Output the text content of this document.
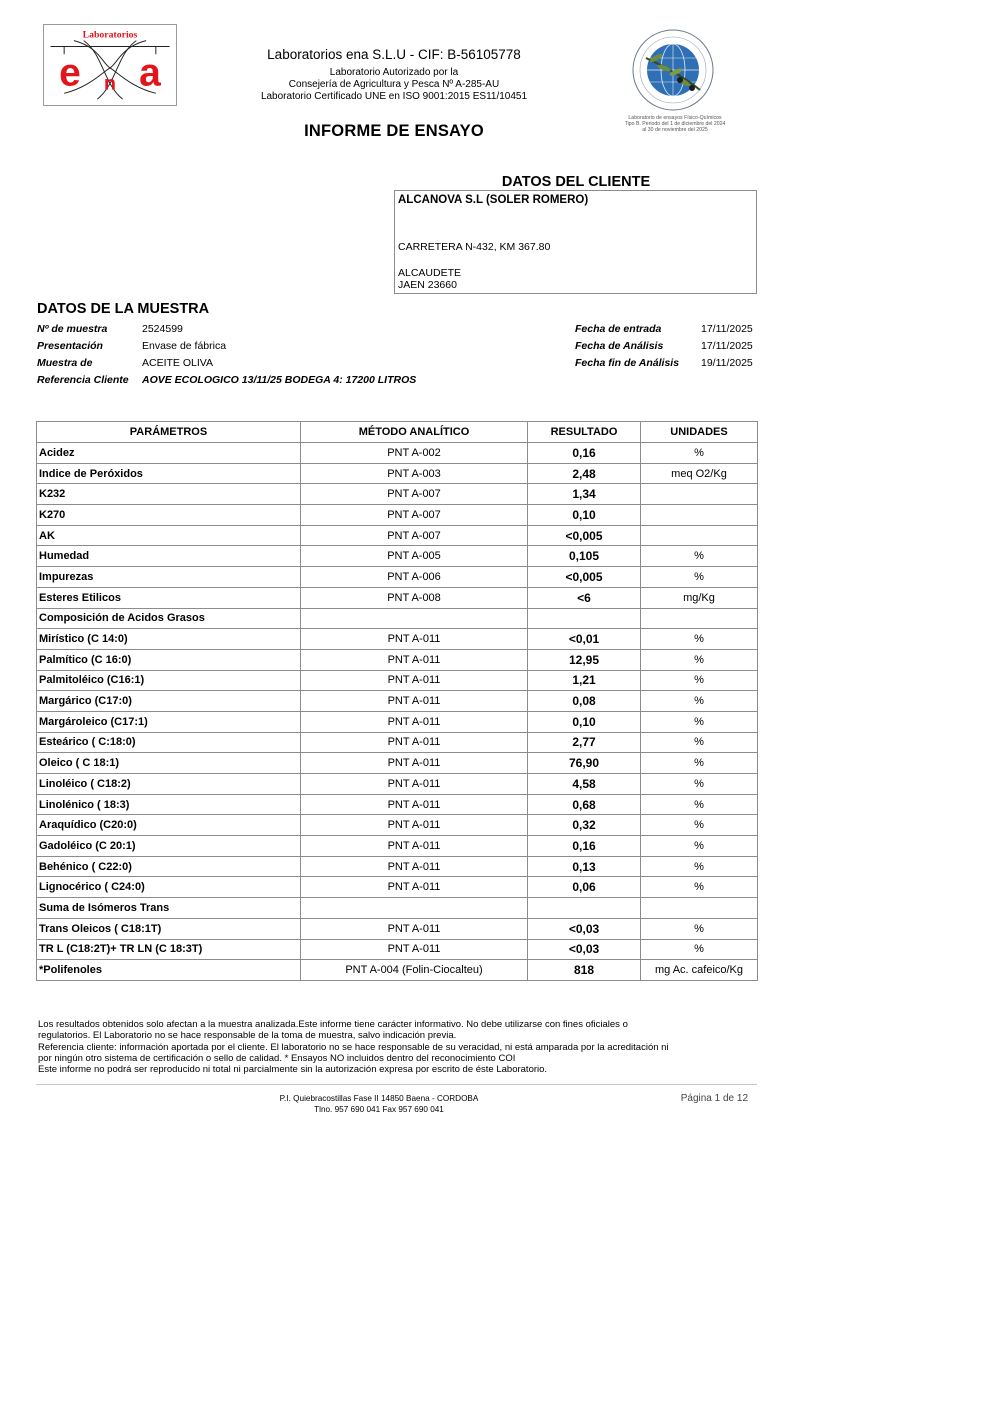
Laboratorios
e n a	Laboratorios ena S.L.U - CIF: B-56105778
Laboratorio Autorizado por la
Consejería de Agricultura y Pesca Nº A-285-AU
Laboratorio Certificado UNE en ISO 9001:2015 ES11/10451
INFORME DE ENSAYO
Laboratorio de ensayos Físico-Químicos
Tipo B. Periodo del 1 de diciembre del 2024
al 30 de noviembre del 2025
DATOS DEL CLIENTE
ALCANOVA S.L (SOLER ROMERO)
CARRETERA N-432, KM 367.80
ALCAUDETE
JAEN 23660
DATOS DE LA MUESTRA
Nº de muestra	2524599
Presentación	Envase de fábrica
Muestra de	ACEITE OLIVA
Referencia Cliente AOVE ECOLOGICO 13/11/25 BODEGA 4: 17200 LITROS
Fecha de entrada	17/11/2025
Fecha de Análisis	17/11/2025
Fecha fin de Análisis 19/11/2025
PARÁMETROS	MÉTODO ANALÍTICO	RESULTADO	UNIDADES
Acidez	PNT A-002	0,16	%
Indice de Peróxidos	PNT A-003	2,48	meq O2/Kg
K232	PNT A-007	1,34	
K270	PNT A-007	0,10	
AK	PNT A-007	<0,005	
Humedad	PNT A-005	0,105	%
Impurezas	PNT A-006	<0,005	%
Esteres Etilicos	PNT A-008	<6	mg/Kg
Composición de Acidos Grasos			
Mirístico (C 14:0)	PNT A-011	<0,01	%
Palmítico (C 16:0)	PNT A-011	12,95	%
Palmitoléico (C16:1)	PNT A-011	1,21	%
Margárico (C17:0)	PNT A-011	0,08	%
Margároleico (C17:1)	PNT A-011	0,10	%
Esteárico ( C:18:0)	PNT A-011	2,77	%
Oleico ( C 18:1)	PNT A-011	76,90	%
Linoléico ( C18:2)	PNT A-011	4,58	%
Linolénico ( 18:3)	PNT A-011	0,68	%
Araquídico (C20:0)	PNT A-011	0,32	%
Gadoléico (C 20:1)	PNT A-011	0,16	%
Behénico ( C22:0)	PNT A-011	0,13	%
Lignocérico ( C24:0)	PNT A-011	0,06	%
Suma de Isómeros Trans			
Trans Oleicos ( C18:1T)	PNT A-011	<0,03	%
TR L (C18:2T)+ TR LN (C 18:3T)	PNT A-011	<0,03	%
*Polifenoles	PNT A-004 (Folin-Ciocalteu)	818	mg Ac. cafeico/Kg
Los resultados obtenidos solo afectan a la muestra analizada.Este informe tiene carácter informativo. No debe utilizarse con fines oficiales o
regulatorios. El Laboratorio no se hace responsable de la toma de muestra, salvo indicación previa.
Referencia cliente: información aportada por el cliente. El laboratorio no se hace responsable de su veracidad, ni está amparada por la acreditación ni
por ningún otro sistema de certificación o sello de calidad. * Ensayos NO incluidos dentro del reconocimiento COI
Este informe no podrá ser reproducido ni total ni parcialmente sin la autorización expresa por escrito de éste Laboratorio.
P.I. Quiebracostillas Fase II 14850 Baena - CORDOBA
Tlno. 957 690 041 Fax 957 690 041
Página 1 de 12
